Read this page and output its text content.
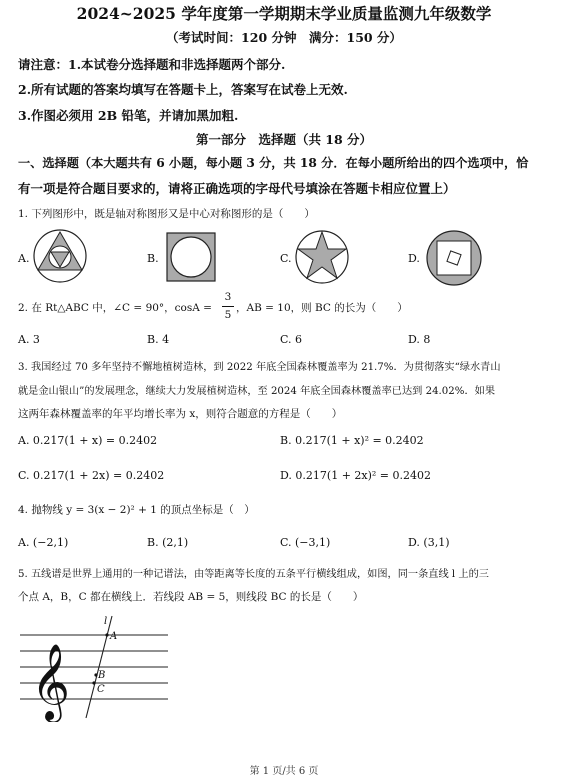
2024~2025 学年度第一学期期末学业质量监测九年级数学
（考试时间：120 分钟　满分：150 分）
请注意：1.本试卷分选择题和非选择题两个部分.
2.所有试题的答案均填写在答题卡上，答案写在试卷上无效.
3.作图必须用 2B 铅笔，并请加黑加粗.
第一部分　选择题（共 18 分）
一、选择题（本大题共有 6 小题，每小题 3 分，共 18 分．在每小题所给出的四个选项中，恰
有一项是符合题目要求的，请将正确选项的字母代号填涂在答题卡相应位置上）
1. 下列图形中，既是轴对称图形又是中心对称图形的是（　　）
A.	B.	C.	D.
2. 在 Rt△ABC 中，∠C = 90°，cosA =
3
5
，AB = 10，则 BC 的长为（　　）
A. 3	B. 4	C. 6	D. 8
3. 我国经过 70 多年坚持不懈地植树造林，到 2022 年底全国森林覆盖率为 21.7%．为贯彻落实“绿水青山
就是金山银山”的发展理念，继续大力发展植树造林，至 2024 年底全国森林覆盖率已达到 24.02%．如果
这两年森林覆盖率的年平均增长率为 x，则符合题意的方程是（　　）
A. 0.217(1 + x) = 0.2402	B. 0.217(1 + x)² = 0.2402
C. 0.217(1 + 2x) = 0.2402	D. 0.217(1 + 2x)² = 0.2402
4. 抛物线 y = 3(x − 2)² + 1 的顶点坐标是（　）
A. (−2,1)	B. (2,1)	C. (−3,1)	D. (3,1)
5. 五线谱是世界上通用的一种记谱法，由等距离等长度的五条平行横线组成，如图，同一条直线 l 上的三
个点 A，B，C 都在横线上．若线段 AB = 5，则线段 BC 的长是（　　）
𝄞
l
A
B
C
第 1 页/共 6 页
